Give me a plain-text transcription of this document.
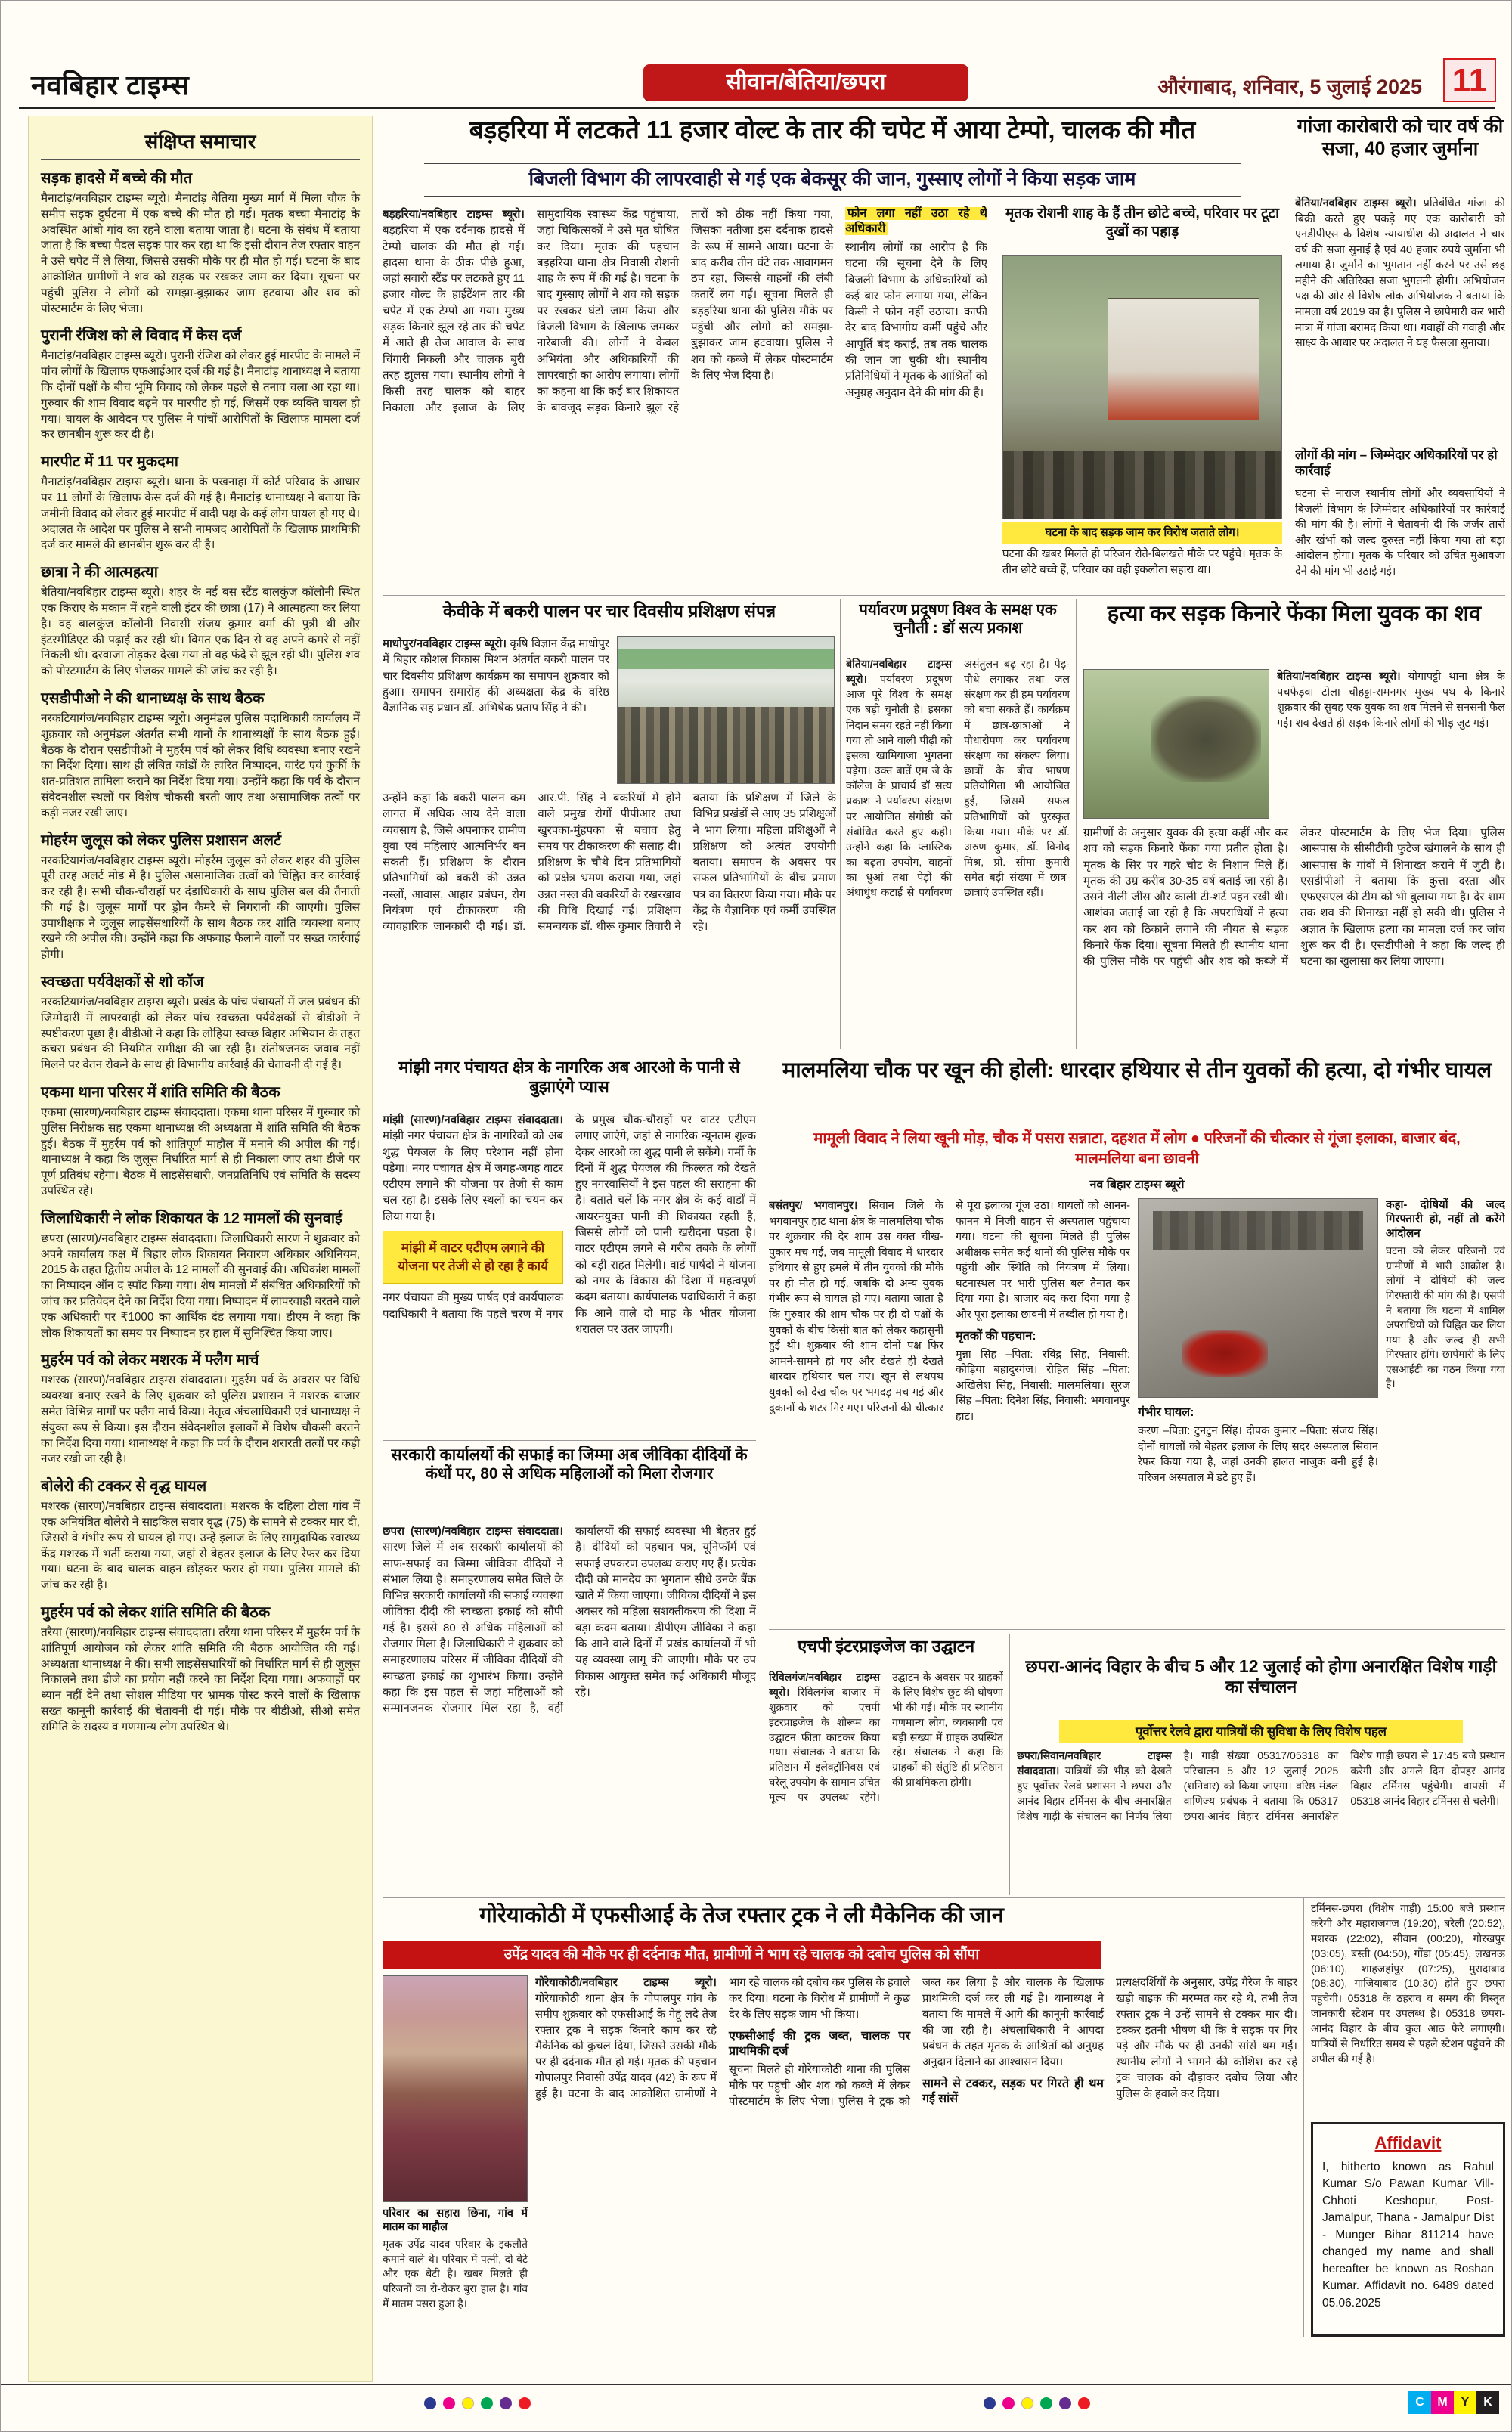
नवबिहार टाइम्स	सीवान/बेतिया/छपरा	औरंगाबाद, शनिवार, 5 जुलाई 2025 11
संक्षिप्त समाचार
सड़क हादसे में बच्चे की मौत
मैनाटांड़/नवबिहार टाइम्स ब्यूरो। मैनाटांड़ बेतिया मुख्य मार्ग में मिला चौक के समीप सड़क दुर्घटना में एक बच्चे की मौत हो गई। मृतक बच्चा मैनाटांड़ के अवस्थित आंबो गांव का रहने वाला बताया जाता है। घटना के संबंध में बताया जाता है कि बच्चा पैदल सड़क पार कर रहा था कि इसी दौरान तेज रफ्तार वाहन ने उसे चपेट में ले लिया, जिससे उसकी मौके पर ही मौत हो गई। घटना के बाद आक्रोशित ग्रामीणों ने शव को सड़क पर रखकर जाम कर दिया। सूचना पर पहुंची पुलिस ने लोगों को समझा-बुझाकर जाम हटवाया और शव को पोस्टमार्टम के लिए भेजा।
पुरानी रंजिश को ले विवाद में केस दर्ज
मैनाटांड़/नवबिहार टाइम्स ब्यूरो। पुरानी रंजिश को लेकर हुई मारपीट के मामले में पांच लोगों के खिलाफ एफआईआर दर्ज की गई है। मैनाटांड़ थानाध्यक्ष ने बताया कि दोनों पक्षों के बीच भूमि विवाद को लेकर पहले से तनाव चला आ रहा था। गुरुवार की शाम विवाद बढ़ने पर मारपीट हो गई, जिसमें एक व्यक्ति घायल हो गया। घायल के आवेदन पर पुलिस ने पांचों आरोपितों के खिलाफ मामला दर्ज कर छानबीन शुरू कर दी है।
मारपीट में 11 पर मुकदमा
मैनाटांड़/नवबिहार टाइम्स ब्यूरो। थाना के पखनाहा में कोर्ट परिवाद के आधार पर 11 लोगों के खिलाफ केस दर्ज की गई है। मैनाटांड़ थानाध्यक्ष ने बताया कि जमीनी विवाद को लेकर हुई मारपीट में वादी पक्ष के कई लोग घायल हो गए थे। अदालत के आदेश पर पुलिस ने सभी नामजद आरोपितों के खिलाफ प्राथमिकी दर्ज कर मामले की छानबीन शुरू कर दी है।
छात्रा ने की आत्महत्या
बेतिया/नवबिहार टाइम्स ब्यूरो। शहर के नई बस स्टैंड बालकुंज कॉलोनी स्थित एक किराए के मकान में रहने वाली इंटर की छात्रा (17) ने आत्महत्या कर लिया है। वह बालकुंज कॉलोनी निवासी संजय कुमार वर्मा की पुत्री थी और इंटरमीडिएट की पढ़ाई कर रही थी। विगत एक दिन से वह अपने कमरे से नहीं निकली थी। दरवाजा तोड़कर देखा गया तो वह फंदे से झूल रही थी। पुलिस शव को पोस्टमार्टम के लिए भेजकर मामले की जांच कर रही है।
एसडीपीओ ने की थानाध्यक्ष के साथ बैठक
नरकटियागंज/नवबिहार टाइम्स ब्यूरो। अनुमंडल पुलिस पदाधिकारी कार्यालय में शुक्रवार को अनुमंडल अंतर्गत सभी थानों के थानाध्यक्षों के साथ बैठक हुई। बैठक के दौरान एसडीपीओ ने मुहर्रम पर्व को लेकर विधि व्यवस्था बनाए रखने का निर्देश दिया। साथ ही लंबित कांडों के त्वरित निष्पादन, वारंट एवं कुर्की के शत-प्रतिशत तामिला कराने का निर्देश दिया गया। उन्होंने कहा कि पर्व के दौरान संवेदनशील स्थलों पर विशेष चौकसी बरती जाए तथा असामाजिक तत्वों पर कड़ी नजर रखी जाए।
मोहर्रम जुलूस को लेकर पुलिस प्रशासन अलर्ट
नरकटियागंज/नवबिहार टाइम्स ब्यूरो। मोहर्रम जुलूस को लेकर शहर की पुलिस पूरी तरह अलर्ट मोड में है। पुलिस असामाजिक तत्वों को चिह्नित कर कार्रवाई कर रही है। सभी चौक-चौराहों पर दंडाधिकारी के साथ पुलिस बल की तैनाती की गई है। जुलूस मार्गों पर ड्रोन कैमरे से निगरानी की जाएगी। पुलिस उपाधीक्षक ने जुलूस लाइसेंसधारियों के साथ बैठक कर शांति व्यवस्था बनाए रखने की अपील की। उन्होंने कहा कि अफवाह फैलाने वालों पर सख्त कार्रवाई होगी।
स्वच्छता पर्यवेक्षकों से शो कॉज
नरकटियागंज/नवबिहार टाइम्स ब्यूरो। प्रखंड के पांच पंचायतों में जल प्रबंधन की जिम्मेदारी में लापरवाही को लेकर पांच स्वच्छता पर्यवेक्षकों से बीडीओ ने स्पष्टीकरण पूछा है। बीडीओ ने कहा कि लोहिया स्वच्छ बिहार अभियान के तहत कचरा प्रबंधन की नियमित समीक्षा की जा रही है। संतोषजनक जवाब नहीं मिलने पर वेतन रोकने के साथ ही विभागीय कार्रवाई की चेतावनी दी गई है।
एकमा थाना परिसर में शांति समिति की बैठक
एकमा (सारण)/नवबिहार टाइम्स संवाददाता। एकमा थाना परिसर में गुरुवार को पुलिस निरीक्षक सह एकमा थानाध्यक्ष की अध्यक्षता में शांति समिति की बैठक हुई। बैठक में मुहर्रम पर्व को शांतिपूर्ण माहौल में मनाने की अपील की गई। थानाध्यक्ष ने कहा कि जुलूस निर्धारित मार्ग से ही निकाला जाए तथा डीजे पर पूर्ण प्रतिबंध रहेगा। बैठक में लाइसेंसधारी, जनप्रतिनिधि एवं समिति के सदस्य उपस्थित रहे।
जिलाधिकारी ने लोक शिकायत के 12 मामलों की सुनवाई
छपरा (सारण)/नवबिहार टाइम्स संवाददाता। जिलाधिकारी सारण ने शुक्रवार को अपने कार्यालय कक्ष में बिहार लोक शिकायत निवारण अधिकार अधिनियम, 2015 के तहत द्वितीय अपील के 12 मामलों की सुनवाई की। अधिकांश मामलों का निष्पादन ऑन द स्पॉट किया गया। शेष मामलों में संबंधित अधिकारियों को जांच कर प्रतिवेदन देने का निर्देश दिया गया। निष्पादन में लापरवाही बरतने वाले एक अधिकारी पर ₹1000 का आर्थिक दंड लगाया गया। डीएम ने कहा कि लोक शिकायतों का समय पर निष्पादन हर हाल में सुनिश्चित किया जाए।
मुहर्रम पर्व को लेकर मशरक में फ्लैग मार्च
मशरक (सारण)/नवबिहार टाइम्स संवाददाता। मुहर्रम पर्व के अवसर पर विधि व्यवस्था बनाए रखने के लिए शुक्रवार को पुलिस प्रशासन ने मशरक बाजार समेत विभिन्न मार्गों पर फ्लैग मार्च किया। नेतृत्व अंचलाधिकारी एवं थानाध्यक्ष ने संयुक्त रूप से किया। इस दौरान संवेदनशील इलाकों में विशेष चौकसी बरतने का निर्देश दिया गया। थानाध्यक्ष ने कहा कि पर्व के दौरान शरारती तत्वों पर कड़ी नजर रखी जा रही है।
बोलेरो की टक्कर से वृद्ध घायल
मशरक (सारण)/नवबिहार टाइम्स संवाददाता। मशरक के दहिला टोला गांव में एक अनियंत्रित बोलेरो ने साइकिल सवार वृद्ध (75) के सामने से टक्कर मार दी, जिससे वे गंभीर रूप से घायल हो गए। उन्हें इलाज के लिए सामुदायिक स्वास्थ्य केंद्र मशरक में भर्ती कराया गया, जहां से बेहतर इलाज के लिए रेफर कर दिया गया। घटना के बाद चालक वाहन छोड़कर फरार हो गया। पुलिस मामले की जांच कर रही है।
मुहर्रम पर्व को लेकर शांति समिति की बैठक
तरैया (सारण)/नवबिहार टाइम्स संवाददाता। तरैया थाना परिसर में मुहर्रम पर्व के शांतिपूर्ण आयोजन को लेकर शांति समिति की बैठक आयोजित की गई। अध्यक्षता थानाध्यक्ष ने की। सभी लाइसेंसधारियों को निर्धारित मार्ग से ही जुलूस निकालने तथा डीजे का प्रयोग नहीं करने का निर्देश दिया गया। अफवाहों पर ध्यान नहीं देने तथा सोशल मीडिया पर भ्रामक पोस्ट करने वालों के खिलाफ सख्त कानूनी कार्रवाई की चेतावनी दी गई। मौके पर बीडीओ, सीओ समेत समिति के सदस्य व गणमान्य लोग उपस्थित थे।
बड़हरिया में लटकते 11 हजार वोल्ट के तार की चपेट में आया टेम्पो, चालक की मौत
बिजली विभाग की लापरवाही से गई एक बेकसूर की जान, गुस्साए लोगों ने किया सड़क जाम

बड़हरिया/नवबिहार टाइम्स ब्यूरो। बड़हरिया में एक दर्दनाक हादसे में टेम्पो चालक की मौत हो गई। हादसा थाना के ठीक पीछे हुआ, जहां सवारी स्टैंड पर लटकते हुए 11 हजार वोल्ट के हाईटेंशन तार की चपेट में एक टेम्पो आ गया। मुख्य सड़क किनारे झूल रहे तार की चपेट में आते ही तेज आवाज के साथ चिंगारी निकली और चालक बुरी तरह झुलस गया। स्थानीय लोगों ने किसी तरह चालक को बाहर निकाला और इलाज के लिए सामुदायिक स्वास्थ्य केंद्र पहुंचाया, जहां चिकित्सकों ने उसे मृत घोषित कर दिया। मृतक की पहचान बड़हरिया थाना क्षेत्र निवासी रोशनी शाह के रूप में की गई है। घटना के बाद गुस्साए लोगों ने शव को सड़क पर रखकर घंटों जाम किया और बिजली विभाग के खिलाफ जमकर नारेबाजी की। लोगों ने केबल अभियंता और अधिकारियों की लापरवाही का आरोप लगाया। लोगों का कहना था कि कई बार शिकायत के बावजूद सड़क किनारे झूल रहे तारों को ठीक नहीं किया गया, जिसका नतीजा इस दर्दनाक हादसे के रूप में सामने आया। घटना के बाद करीब तीन घंटे तक आवागमन ठप रहा, जिससे वाहनों की लंबी कतारें लग गईं। सूचना मिलते ही बड़हरिया थाना की पुलिस मौके पर पहुंची और लोगों को समझा-बुझाकर जाम हटवाया। पुलिस ने शव को कब्जे में लेकर पोस्टमार्टम के लिए भेज दिया है।

फोन लगा नहीं उठा रहे थे अधिकारी

स्थानीय लोगों का आरोप है कि घटना की सूचना देने के लिए बिजली विभाग के अधिकारियों को कई बार फोन लगाया गया, लेकिन किसी ने फोन नहीं उठाया। काफी देर बाद विभागीय कर्मी पहुंचे और आपूर्ति बंद कराई, तब तक चालक की जान जा चुकी थी। स्थानीय प्रतिनिधियों ने मृतक के आश्रितों को अनुग्रह अनुदान देने की मांग की है।

मृतक रोशनी शाह के हैं तीन छोटे बच्चे, परिवार पर टूटा दुखों का पहाड़
घटना के बाद सड़क जाम कर विरोध जताते लोग।
घटना की खबर मिलते ही परिजन रोते-बिलखते मौके पर पहुंचे। मृतक के तीन छोटे बच्चे हैं, परिवार का वही इकलौता सहारा था।
गांजा कारोबारी को चार वर्ष की सजा, 40 हजार जुर्माना
बेतिया/नवबिहार टाइम्स ब्यूरो। प्रतिबंधित गांजा की बिक्री करते हुए पकड़े गए एक कारोबारी को एनडीपीएस के विशेष न्यायाधीश की अदालत ने चार वर्ष की सजा सुनाई है एवं 40 हजार रुपये जुर्माना भी लगाया है। जुर्माने का भुगतान नहीं करने पर उसे छह महीने की अतिरिक्त सजा भुगतनी होगी। अभियोजन पक्ष की ओर से विशेष लोक अभियोजक ने बताया कि मामला वर्ष 2019 का है। पुलिस ने छापेमारी कर भारी मात्रा में गांजा बरामद किया था। गवाहों की गवाही और साक्ष्य के आधार पर अदालत ने यह फैसला सुनाया।
लोगों की मांग – जिम्मेदार अधिकारियों पर हो कार्रवाई
घटना से नाराज स्थानीय लोगों और व्यवसायियों ने बिजली विभाग के जिम्मेदार अधिकारियों पर कार्रवाई की मांग की है। लोगों ने चेतावनी दी कि जर्जर तारों और खंभों को जल्द दुरुस्त नहीं किया गया तो बड़ा आंदोलन होगा। मृतक के परिवार को उचित मुआवजा देने की मांग भी उठाई गई।
केवीके में बकरी पालन पर चार दिवसीय प्रशिक्षण संपन्न
माधोपुर/नवबिहार टाइम्स ब्यूरो। कृषि विज्ञान केंद्र माधोपुर में बिहार कौशल विकास मिशन अंतर्गत बकरी पालन पर चार दिवसीय प्रशिक्षण कार्यक्रम का समापन शुक्रवार को हुआ। समापन समारोह की अध्यक्षता केंद्र के वरिष्ठ वैज्ञानिक सह प्रधान डॉ. अभिषेक प्रताप सिंह ने की।
उन्होंने कहा कि बकरी पालन कम लागत में अधिक आय देने वाला व्यवसाय है, जिसे अपनाकर ग्रामीण युवा एवं महिलाएं आत्मनिर्भर बन सकती हैं। प्रशिक्षण के दौरान प्रतिभागियों को बकरी की उन्नत नस्लों, आवास, आहार प्रबंधन, रोग नियंत्रण एवं टीकाकरण की व्यावहारिक जानकारी दी गई। डॉ. आर.पी. सिंह ने बकरियों में होने वाले प्रमुख रोगों पीपीआर तथा खुरपका-मुंहपका से बचाव हेतु समय पर टीकाकरण की सलाह दी। प्रशिक्षण के चौथे दिन प्रतिभागियों को प्रक्षेत्र भ्रमण कराया गया, जहां उन्नत नस्ल की बकरियों के रखरखाव की विधि दिखाई गई। प्रशिक्षण समन्वयक डॉ. धीरू कुमार तिवारी ने बताया कि प्रशिक्षण में जिले के विभिन्न प्रखंडों से आए 35 प्रशिक्षुओं ने भाग लिया। महिला प्रशिक्षुओं ने प्रशिक्षण को अत्यंत उपयोगी बताया। समापन के अवसर पर सफल प्रतिभागियों के बीच प्रमाण पत्र का वितरण किया गया। मौके पर केंद्र के वैज्ञानिक एवं कर्मी उपस्थित रहे।
पर्यावरण प्रदूषण विश्व के समक्ष एक चुनौती : डॉ सत्य प्रकाश
बेतिया/नवबिहार टाइम्स ब्यूरो। पर्यावरण प्रदूषण आज पूरे विश्व के समक्ष एक बड़ी चुनौती है। इसका निदान समय रहते नहीं किया गया तो आने वाली पीढ़ी को इसका खामियाजा भुगतना पड़ेगा। उक्त बातें एम जे के कॉलेज के प्राचार्य डॉ सत्य प्रकाश ने पर्यावरण संरक्षण पर आयोजित संगोष्ठी को संबोधित करते हुए कही। उन्होंने कहा कि प्लास्टिक का बढ़ता उपयोग, वाहनों का धुआं तथा पेड़ों की अंधाधुंध कटाई से पर्यावरण असंतुलन बढ़ रहा है। पेड़-पौधे लगाकर तथा जल संरक्षण कर ही हम पर्यावरण को बचा सकते हैं। कार्यक्रम में छात्र-छात्राओं ने पौधारोपण कर पर्यावरण संरक्षण का संकल्प लिया। छात्रों के बीच भाषण प्रतियोगिता भी आयोजित हुई, जिसमें सफल प्रतिभागियों को पुरस्कृत किया गया। मौके पर डॉ. अरुण कुमार, डॉ. विनोद मिश्र, प्रो. सीमा कुमारी समेत बड़ी संख्या में छात्र-छात्राएं उपस्थित रहीं।
हत्या कर सड़क किनारे फेंका मिला युवक का शव
बेतिया/नवबिहार टाइम्स ब्यूरो। योगापट्टी थाना क्षेत्र के पचफेड़वा टोला चौहट्टा-रामनगर मुख्य पथ के किनारे शुक्रवार की सुबह एक युवक का शव मिलने से सनसनी फैल गई। शव देखते ही सड़क किनारे लोगों की भीड़ जुट गई।
ग्रामीणों के अनुसार युवक की हत्या कहीं और कर शव को सड़क किनारे फेंका गया प्रतीत होता है। मृतक के सिर पर गहरे चोट के निशान मिले हैं। मृतक की उम्र करीब 30-35 वर्ष बताई जा रही है। उसने नीली जींस और काली टी-शर्ट पहन रखी थी। आशंका जताई जा रही है कि अपराधियों ने हत्या कर शव को ठिकाने लगाने की नीयत से सड़क किनारे फेंक दिया। सूचना मिलते ही स्थानीय थाना की पुलिस मौके पर पहुंची और शव को कब्जे में लेकर पोस्टमार्टम के लिए भेज दिया। पुलिस आसपास के सीसीटीवी फुटेज खंगालने के साथ ही आसपास के गांवों में शिनाख्त कराने में जुटी है। एसडीपीओ ने बताया कि कुत्ता दस्ता और एफएसएल की टीम को भी बुलाया गया है। देर शाम तक शव की शिनाख्त नहीं हो सकी थी। पुलिस ने अज्ञात के खिलाफ हत्या का मामला दर्ज कर जांच शुरू कर दी है। एसडीपीओ ने कहा कि जल्द ही घटना का खुलासा कर लिया जाएगा।
मांझी नगर पंचायत क्षेत्र के नागरिक अब आरओ के पानी से बुझाएंगे प्यास

मांझी (सारण)/नवबिहार टाइम्स संवाददाता। मांझी नगर पंचायत क्षेत्र के नागरिकों को अब शुद्ध पेयजल के लिए परेशान नहीं होना पड़ेगा। नगर पंचायत क्षेत्र में जगह-जगह वाटर एटीएम लगाने की योजना पर तेजी से काम चल रहा है। इसके लिए स्थलों का चयन कर लिया गया है।

मांझी में वाटर एटीएम लगाने की योजना पर तेजी से हो रहा है कार्य

नगर पंचायत की मुख्य पार्षद एवं कार्यपालक पदाधिकारी ने बताया कि पहले चरण में नगर के प्रमुख चौक-चौराहों पर वाटर एटीएम लगाए जाएंगे, जहां से नागरिक न्यूनतम शुल्क देकर आरओ का शुद्ध पानी ले सकेंगे। गर्मी के दिनों में शुद्ध पेयजल की किल्लत को देखते हुए नगरवासियों ने इस पहल की सराहना की है। बताते चलें कि नगर क्षेत्र के कई वार्डों में आयरनयुक्त पानी की शिकायत रहती है, जिससे लोगों को पानी खरीदना पड़ता है। वाटर एटीएम लगने से गरीब तबके के लोगों को बड़ी राहत मिलेगी। वार्ड पार्षदों ने योजना को नगर के विकास की दिशा में महत्वपूर्ण कदम बताया। कार्यपालक पदाधिकारी ने कहा कि आने वाले दो माह के भीतर योजना धरातल पर उतर जाएगी।

मालमलिया चौक पर खून की होली: धारदार हथियार से तीन युवकों की हत्या, दो गंभीर घायल
मामूली विवाद ने लिया खूनी मोड़, चौक में पसरा सन्नाटा, दहशत में लोग ● परिजनों की चीत्कार से गूंजा इलाका, बाजार बंद, मालमलिया बना छावनी
नव बिहार टाइम्स ब्यूरो

बसंतपुर/ भगवानपुर। सिवान जिले के भगवानपुर हाट थाना क्षेत्र के मालमलिया चौक पर शुक्रवार की देर शाम उस वक्त चीख-पुकार मच गई, जब मामूली विवाद में धारदार हथियार से हुए हमले में तीन युवकों की मौके पर ही मौत हो गई, जबकि दो अन्य युवक गंभीर रूप से घायल हो गए। बताया जाता है कि गुरुवार की शाम चौक पर ही दो पक्षों के युवकों के बीच किसी बात को लेकर कहासुनी हुई थी। शुक्रवार की शाम दोनों पक्ष फिर आमने-सामने हो गए और देखते ही देखते धारदार हथियार चल गए। खून से लथपथ युवकों को देख चौक पर भगदड़ मच गई और दुकानों के शटर गिर गए। परिजनों की चीत्कार से पूरा इलाका गूंज उठा। घायलों को आनन-फानन में निजी वाहन से अस्पताल पहुंचाया गया। घटना की सूचना मिलते ही पुलिस अधीक्षक समेत कई थानों की पुलिस मौके पर पहुंची और स्थिति को नियंत्रण में लिया। घटनास्थल पर भारी पुलिस बल तैनात कर दिया गया है। बाजार बंद करा दिया गया है और पूरा इलाका छावनी में तब्दील हो गया है।

मृतकों की पहचान:

मुन्ना सिंह –पिता: रविंद्र सिंह, निवासी: कौड़िया बहादुरगंज। रोहित सिंह –पिता: अखिलेश सिंह, निवासी: मालमलिया। सूरज सिंह –पिता: दिनेश सिंह, निवासी: भगवानपुर हाट।	गंभीर घायल:

करण –पिता: टुनटुन सिंह। दीपक कुमार –पिता: संजय सिंह। दोनों घायलों को बेहतर इलाज के लिए सदर अस्पताल सिवान रेफर किया गया है, जहां उनकी हालत नाजुक बनी हुई है। परिजन अस्पताल में डटे हुए हैं।

कहा- दोषियों की जल्द गिरफ्तारी हो, नहीं तो करेंगे आंदोलन

घटना को लेकर परिजनों एवं ग्रामीणों में भारी आक्रोश है। लोगों ने दोषियों की जल्द गिरफ्तारी की मांग की है। एसपी ने बताया कि घटना में शामिल अपराधियों को चिह्नित कर लिया गया है और जल्द ही सभी गिरफ्तार होंगे। छापेमारी के लिए एसआईटी का गठन किया गया है।

सरकारी कार्यालयों की सफाई का जिम्मा अब जीविका दीदियों के कंधों पर, 80 से अधिक महिलाओं को मिला रोजगार
छपरा (सारण)/नवबिहार टाइम्स संवाददाता। सारण जिले में अब सरकारी कार्यालयों की साफ-सफाई का जिम्मा जीविका दीदियों ने संभाल लिया है। समाहरणालय समेत जिले के विभिन्न सरकारी कार्यालयों की सफाई व्यवस्था जीविका दीदी की स्वच्छता इकाई को सौंपी गई है। इससे 80 से अधिक महिलाओं को रोजगार मिला है। जिलाधिकारी ने शुक्रवार को समाहरणालय परिसर में जीविका दीदियों की स्वच्छता इकाई का शुभारंभ किया। उन्होंने कहा कि इस पहल से जहां महिलाओं को सम्मानजनक रोजगार मिल रहा है, वहीं कार्यालयों की सफाई व्यवस्था भी बेहतर हुई है। दीदियों को पहचान पत्र, यूनिफॉर्म एवं सफाई उपकरण उपलब्ध कराए गए हैं। प्रत्येक दीदी को मानदेय का भुगतान सीधे उनके बैंक खाते में किया जाएगा। जीविका दीदियों ने इस अवसर को महिला सशक्तीकरण की दिशा में बड़ा कदम बताया। डीपीएम जीविका ने कहा कि आने वाले दिनों में प्रखंड कार्यालयों में भी यह व्यवस्था लागू की जाएगी। मौके पर उप विकास आयुक्त समेत कई अधिकारी मौजूद रहे।
एचपी इंटरप्राइजेज का उद्घाटन
रिविलगंज/नवबिहार टाइम्स ब्यूरो। रिविलगंज बाजार में शुक्रवार को एचपी इंटरप्राइजेज के शोरूम का उद्घाटन फीता काटकर किया गया। संचालक ने बताया कि प्रतिष्ठान में इलेक्ट्रॉनिक्स एवं घरेलू उपयोग के सामान उचित मूल्य पर उपलब्ध रहेंगे। उद्घाटन के अवसर पर ग्राहकों के लिए विशेष छूट की घोषणा भी की गई। मौके पर स्थानीय गणमान्य लोग, व्यवसायी एवं बड़ी संख्या में ग्राहक उपस्थित रहे। संचालक ने कहा कि ग्राहकों की संतुष्टि ही प्रतिष्ठान की प्राथमिकता होगी।
छपरा-आनंद विहार के बीच 5 और 12 जुलाई को होगा अनारक्षित विशेष गाड़ी का संचालन
पूर्वोत्तर रेलवे द्वारा यात्रियों की सुविधा के लिए विशेष पहल
छपरा/सिवान/नवबिहार टाइम्स संवाददाता। यात्रियों की भीड़ को देखते हुए पूर्वोत्तर रेलवे प्रशासन ने छपरा और आनंद विहार टर्मिनस के बीच अनारक्षित विशेष गाड़ी के संचालन का निर्णय लिया है। गाड़ी संख्या 05317/05318 का परिचालन 5 और 12 जुलाई 2025 (शनिवार) को किया जाएगा। वरिष्ठ मंडल वाणिज्य प्रबंधक ने बताया कि 05317 छपरा-आनंद विहार टर्मिनस अनारक्षित विशेष गाड़ी छपरा से 17:45 बजे प्रस्थान करेगी और अगले दिन दोपहर आनंद विहार टर्मिनस पहुंचेगी। वापसी में 05318 आनंद विहार टर्मिनस से चलेगी।
गोरेयाकोठी में एफसीआई के तेज रफ्तार ट्रक ने ली मैकेनिक की जान
उपेंद्र यादव की मौके पर ही दर्दनाक मौत, ग्रामीणों ने भाग रहे चालक को दबोच पुलिस को सौंपा

गोरेयाकोठी/नवबिहार टाइम्स ब्यूरो। गोरेयाकोठी थाना क्षेत्र के गोपालपुर गांव के समीप शुक्रवार को एफसीआई के गेहूं लदे तेज रफ्तार ट्रक ने सड़क किनारे काम कर रहे मैकेनिक को कुचल दिया, जिससे उसकी मौके पर ही दर्दनाक मौत हो गई। मृतक की पहचान गोपालपुर निवासी उपेंद्र यादव (42) के रूप में हुई है। घटना के बाद आक्रोशित ग्रामीणों ने भाग रहे चालक को दबोच कर पुलिस के हवाले कर दिया। घटना के विरोध में ग्रामीणों ने कुछ देर के लिए सड़क जाम भी किया।

एफसीआई की ट्रक जब्त, चालक पर प्राथमिकी दर्ज

सूचना मिलते ही गोरेयाकोठी थाना की पुलिस मौके पर पहुंची और शव को कब्जे में लेकर पोस्टमार्टम के लिए भेजा। पुलिस ने ट्रक को जब्त कर लिया है और चालक के खिलाफ प्राथमिकी दर्ज कर ली गई है। थानाध्यक्ष ने बताया कि मामले में आगे की कानूनी कार्रवाई की जा रही है। अंचलाधिकारी ने आपदा प्रबंधन के तहत मृतक के आश्रितों को अनुग्रह अनुदान दिलाने का आश्वासन दिया।

सामने से टक्कर, सड़क पर गिरते ही थम गई सांसें

प्रत्यक्षदर्शियों के अनुसार, उपेंद्र गैरेज के बाहर खड़ी बाइक की मरम्मत कर रहे थे, तभी तेज रफ्तार ट्रक ने उन्हें सामने से टक्कर मार दी। टक्कर इतनी भीषण थी कि वे सड़क पर गिर पड़े और मौके पर ही उनकी सांसें थम गईं। स्थानीय लोगों ने भागने की कोशिश कर रहे ट्रक चालक को दौड़ाकर दबोच लिया और पुलिस के हवाले कर दिया।

परिवार का सहारा छिना, गांव में मातम का माहौल

मृतक उपेंद्र यादव परिवार के इकलौते कमाने वाले थे। परिवार में पत्नी, दो बेटे और एक बेटी है। खबर मिलते ही परिजनों का रो-रोकर बुरा हाल है। गांव में मातम पसरा हुआ है।

टर्मिनस-छपरा (विशेष गाड़ी) 15:00 बजे प्रस्थान करेगी और महाराजगंज (19:20), बरेली (20:52), मशरक (22:02), सीवान (00:20), गोरखपुर (03:05), बस्ती (04:50), गोंडा (05:45), लखनऊ (06:10), शाहजहांपुर (07:25), मुरादाबाद (08:30), गाजियाबाद (10:30) होते हुए छपरा पहुंचेगी। 05318 के ठहराव व समय की विस्तृत जानकारी स्टेशन पर उपलब्ध है। 05318 छपरा-आनंद विहार के बीच कुल आठ फेरे लगाएगी। यात्रियों से निर्धारित समय से पहले स्टेशन पहुंचने की अपील की गई है।
Affidavit
I, hitherto known as Rahul Kumar S/o Pawan Kumar Vill- Chhoti Keshopur, Post- Jamalpur, Thana - Jamalpur Dist - Munger Bihar 811214 have changed my name and shall hereafter be known as Roshan Kumar. Affidavit no. 6489 dated 05.06.2025
C	M	Y	K
